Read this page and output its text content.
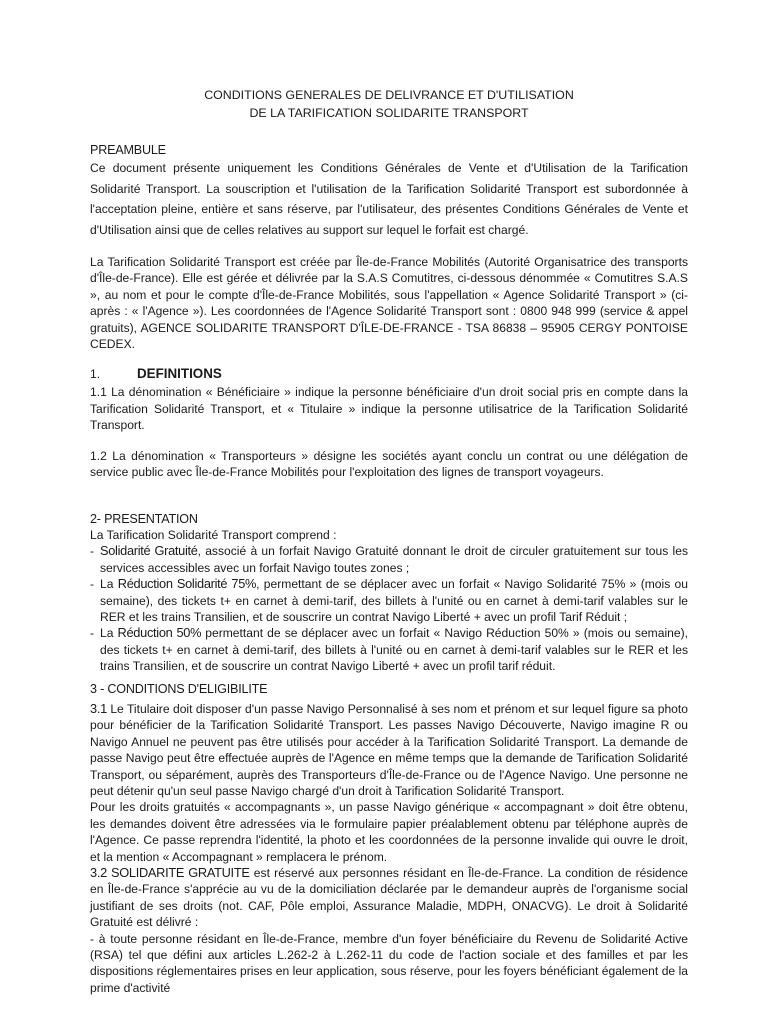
CONDITIONS GENERALES DE DELIVRANCE ET D'UTILISATION
DE LA TARIFICATION SOLIDARITE TRANSPORT
PREAMBULE

Ce document présente uniquement les Conditions Générales de Vente et d'Utilisation de la Tarification Solidarité Transport. La souscription et l'utilisation de la Tarification Solidarité Transport est subordonnée à l'acceptation pleine, entière et sans réserve, par l'utilisateur, des présentes Conditions Générales de Vente et d'Utilisation ainsi que de celles relatives au support sur lequel le forfait est chargé.

La Tarification Solidarité Transport est créée par Île-de-France Mobilités (Autorité Organisatrice des transports d'Île-de-France). Elle est gérée et délivrée par la S.A.S Comutitres, ci-dessous dénommée « Comutitres S.A.S », au nom et pour le compte d'Île-de-France Mobilités, sous l'appellation « Agence Solidarité Transport » (ci-après : « l'Agence »). Les coordonnées de l'Agence Solidarité Transport sont : 0800 948 999 (service & appel gratuits), AGENCE SOLIDARITE TRANSPORT D'ÎLE-DE-FRANCE - TSA 86838 – 95905 CERGY PONTOISE CEDEX.

1.	DEFINITIONS

1.1 La dénomination « Bénéficiaire » indique la personne bénéficiaire d'un droit social pris en compte dans la Tarification Solidarité Transport, et « Titulaire » indique la personne utilisatrice de la Tarification Solidarité Transport.

1.2 La dénomination « Transporteurs » désigne les sociétés ayant conclu un contrat ou une délégation de service public avec Île-de-France Mobilités pour l'exploitation des lignes de transport voyageurs.

2- PRESENTATION
La Tarification Solidarité Transport comprend :
- Solidarité Gratuité, associé à un forfait Navigo Gratuité donnant le droit de circuler gratuitement sur tous les services accessibles avec un forfait Navigo toutes zones ;
- La Réduction Solidarité 75%, permettant de se déplacer avec un forfait « Navigo Solidarité 75% » (mois ou semaine), des tickets t+ en carnet à demi-tarif, des billets à l'unité ou en carnet à demi-tarif valables sur le RER et les trains Transilien, et de souscrire un contrat Navigo Liberté + avec un profil Tarif Réduit ;
- La Réduction 50% permettant de se déplacer avec un forfait « Navigo Réduction 50% » (mois ou semaine), des tickets t+ en carnet à demi-tarif, des billets à l'unité ou en carnet à demi-tarif valables sur le RER et les trains Transilien, et de souscrire un contrat Navigo Liberté + avec un profil tarif réduit.
3 - CONDITIONS D'ELIGIBILITE

3.1 Le Titulaire doit disposer d'un passe Navigo Personnalisé à ses nom et prénom et sur lequel figure sa photo pour bénéficier de la Tarification Solidarité Transport. Les passes Navigo Découverte, Navigo imagine R ou Navigo Annuel ne peuvent pas être utilisés pour accéder à la Tarification Solidarité Transport. La demande de passe Navigo peut être effectuée auprès de l'Agence en même temps que la demande de Tarification Solidarité Transport, ou séparément, auprès des Transporteurs d'Île-de-France ou de l'Agence Navigo. Une personne ne peut détenir qu'un seul passe Navigo chargé d'un droit à Tarification Solidarité Transport.

Pour les droits gratuités « accompagnants », un passe Navigo générique « accompagnant » doit être obtenu, les demandes doivent être adressées via le formulaire papier préalablement obtenu par téléphone auprès de l'Agence. Ce passe reprendra l'identité, la photo et les coordonnées de la personne invalide qui ouvre le droit, et la mention « Accompagnant » remplacera le prénom.

3.2 SOLIDARITE GRATUITE est réservé aux personnes résidant en Île-de-France. La condition de résidence en Île-de-France s'apprécie au vu de la domiciliation déclarée par le demandeur auprès de l'organisme social justifiant de ses droits (not. CAF, Pôle emploi, Assurance Maladie, MDPH, ONACVG). Le droit à Solidarité Gratuité est délivré :

- à toute personne résidant en Île-de-France, membre d'un foyer bénéficiaire du Revenu de Solidarité Active (RSA) tel que défini aux articles L.262-2 à L.262-11 du code de l'action sociale et des familles et par les dispositions réglementaires prises en leur application, sous réserve, pour les foyers bénéficiant également de la prime d'activité
